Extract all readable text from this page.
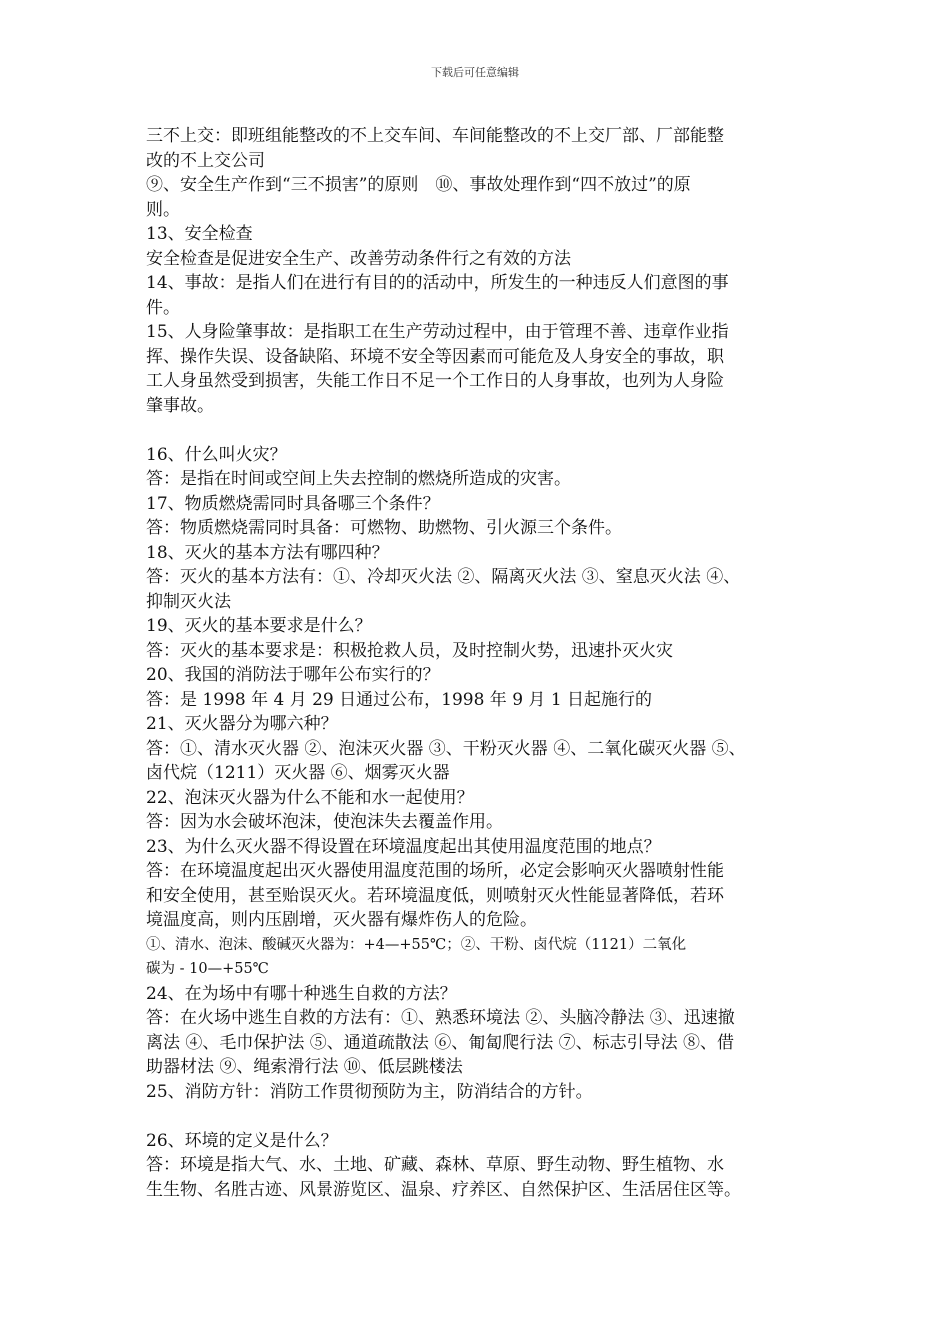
下载后可任意编辑
三不上交：即班组能整改的不上交车间、车间能整改的不上交厂部、厂部能整
改的不上交公司
⑨、安全生产作到“三不损害”的原则　⑩、事故处理作到“四不放过”的原
则。
13、安全检查
安全检查是促进安全生产、改善劳动条件行之有效的方法
14、事故：是指人们在进行有目的的活动中，所发生的一种违反人们意图的事
件。
15、人身险肇事故：是指职工在生产劳动过程中，由于管理不善、违章作业指
挥、操作失误、设备缺陷、环境不安全等因素而可能危及人身安全的事故，职
工人身虽然受到损害，失能工作日不足一个工作日的人身事故，也列为人身险
肇事故。
16、什么叫火灾？
答：是指在时间或空间上失去控制的燃烧所造成的灾害。
17、物质燃烧需同时具备哪三个条件？
答：物质燃烧需同时具备：可燃物、助燃物、引火源三个条件。
18、灭火的基本方法有哪四种？
答：灭火的基本方法有：①、冷却灭火法 ②、隔离灭火法 ③、窒息灭火法 ④、
抑制灭火法
19、灭火的基本要求是什么？
答：灭火的基本要求是：积极抢救人员，及时控制火势，迅速扑灭火灾
20、我国的消防法于哪年公布实行的？
答：是 1998 年 4 月 29 日通过公布，1998 年 9 月 1 日起施行的
21、灭火器分为哪六种？
答：①、清水灭火器 ②、泡沫灭火器 ③、干粉灭火器 ④、二氧化碳灭火器 ⑤、
卤代烷（1211）灭火器 ⑥、烟雾灭火器
22、泡沫灭火器为什么不能和水一起使用？
答：因为水会破坏泡沫，使泡沫失去覆盖作用。
23、为什么灭火器不得设置在环境温度起出其使用温度范围的地点？
答：在环境温度起出灭火器使用温度范围的场所，必定会影响灭火器喷射性能
和安全使用，甚至贻误灭火。若环境温度低，则喷射灭火性能显著降低，若环
境温度高，则内压剧增，灭火器有爆炸伤人的危险。
①、清水、泡沫、酸碱灭火器为：+4—+55℃；②、干粉、卤代烷（1121）二氧化
碳为 - 10—+55℃
24、在为场中有哪十种逃生自救的方法？
答：在火场中逃生自救的方法有：①、熟悉环境法 ②、头脑冷静法 ③、迅速撤
离法 ④、毛巾保护法 ⑤、通道疏散法 ⑥、匍匐爬行法 ⑦、标志引导法 ⑧、借
助器材法 ⑨、绳索滑行法 ⑩、低层跳楼法
25、消防方针：消防工作贯彻预防为主，防消结合的方针。
26、环境的定义是什么？
答：环境是指大气、水、土地、矿藏、森林、草原、野生动物、野生植物、水
生生物、名胜古迹、风景游览区、温泉、疗养区、自然保护区、生活居住区等。
